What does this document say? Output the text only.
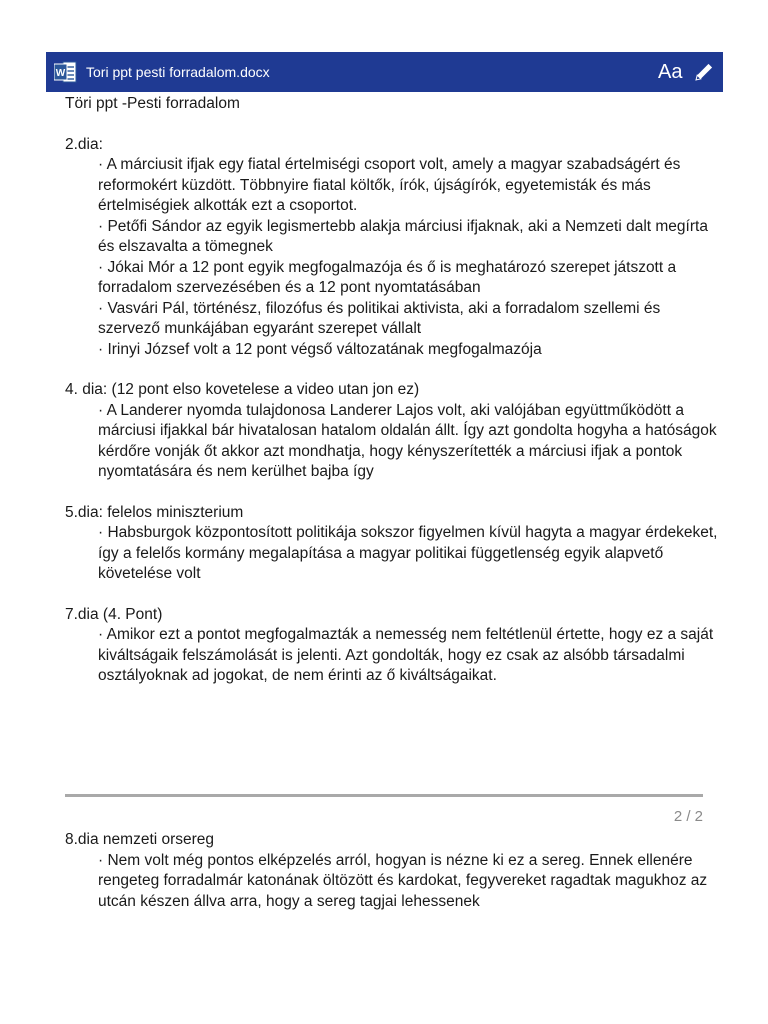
W Tori ppt pesti forradalom.docx	Aa

Töri ppt -Pesti forradalom

2.dia:
· A márciusit ifjak egy fiatal értelmiségi csoport volt, amely a magyar szabadságért és reformokért küzdött. Többnyire fiatal költők, írók, újságírók, egyetemisták és más értelmiségiek alkották ezt a csoportot.
· Petőfi Sándor az egyik legismertebb alakja márciusi ifjaknak, aki a Nemzeti dalt megírta és elszavalta a tömegnek
· Jókai Mór a 12 pont egyik megfogalmazója és ő is meghatározó szerepet játszott a forradalom szervezésében és a 12 pont nyomtatásában
· Vasvári Pál, történész, filozófus és politikai aktivista, aki a forradalom szellemi és szervező munkájában egyaránt szerepet vállalt
· Irinyi József volt a 12 pont végső változatának megfogalmazója
4. dia: (12 pont elso kovetelese a video utan jon ez)
· A Landerer nyomda tulajdonosa Landerer Lajos volt, aki valójában együttműködött a márciusi ifjakkal bár hivatalosan hatalom oldalán állt. Így azt gondolta hogyha a hatóságok kérdőre vonják őt akkor azt mondhatja, hogy kényszerítették a márciusi ifjak a pontok nyomtatására és nem kerülhet bajba így
5.dia: felelos miniszterium
· Habsburgok központosított politikája sokszor figyelmen kívül hagyta a magyar érdekeket, így a felelős kormány megalapítása a magyar politikai függetlenség egyik alapvető követelése volt
7.dia (4. Pont)
· Amikor ezt a pontot megfogalmazták a nemesség nem feltétlenül értette, hogy ez a saját kiváltságaik felszámolását is jelenti. Azt gondolták, hogy ez csak az alsóbb társadalmi osztályoknak ad jogokat, de nem érinti az ő kiváltságaikat.
2 / 2
8.dia nemzeti orsereg
· Nem volt még pontos elképzelés arról, hogyan is nézne ki ez a sereg. Ennek ellenére rengeteg forradalmár katonának öltözött és kardokat, fegyvereket ragadtak magukhoz az utcán készen állva arra, hogy a sereg tagjai lehessenek
